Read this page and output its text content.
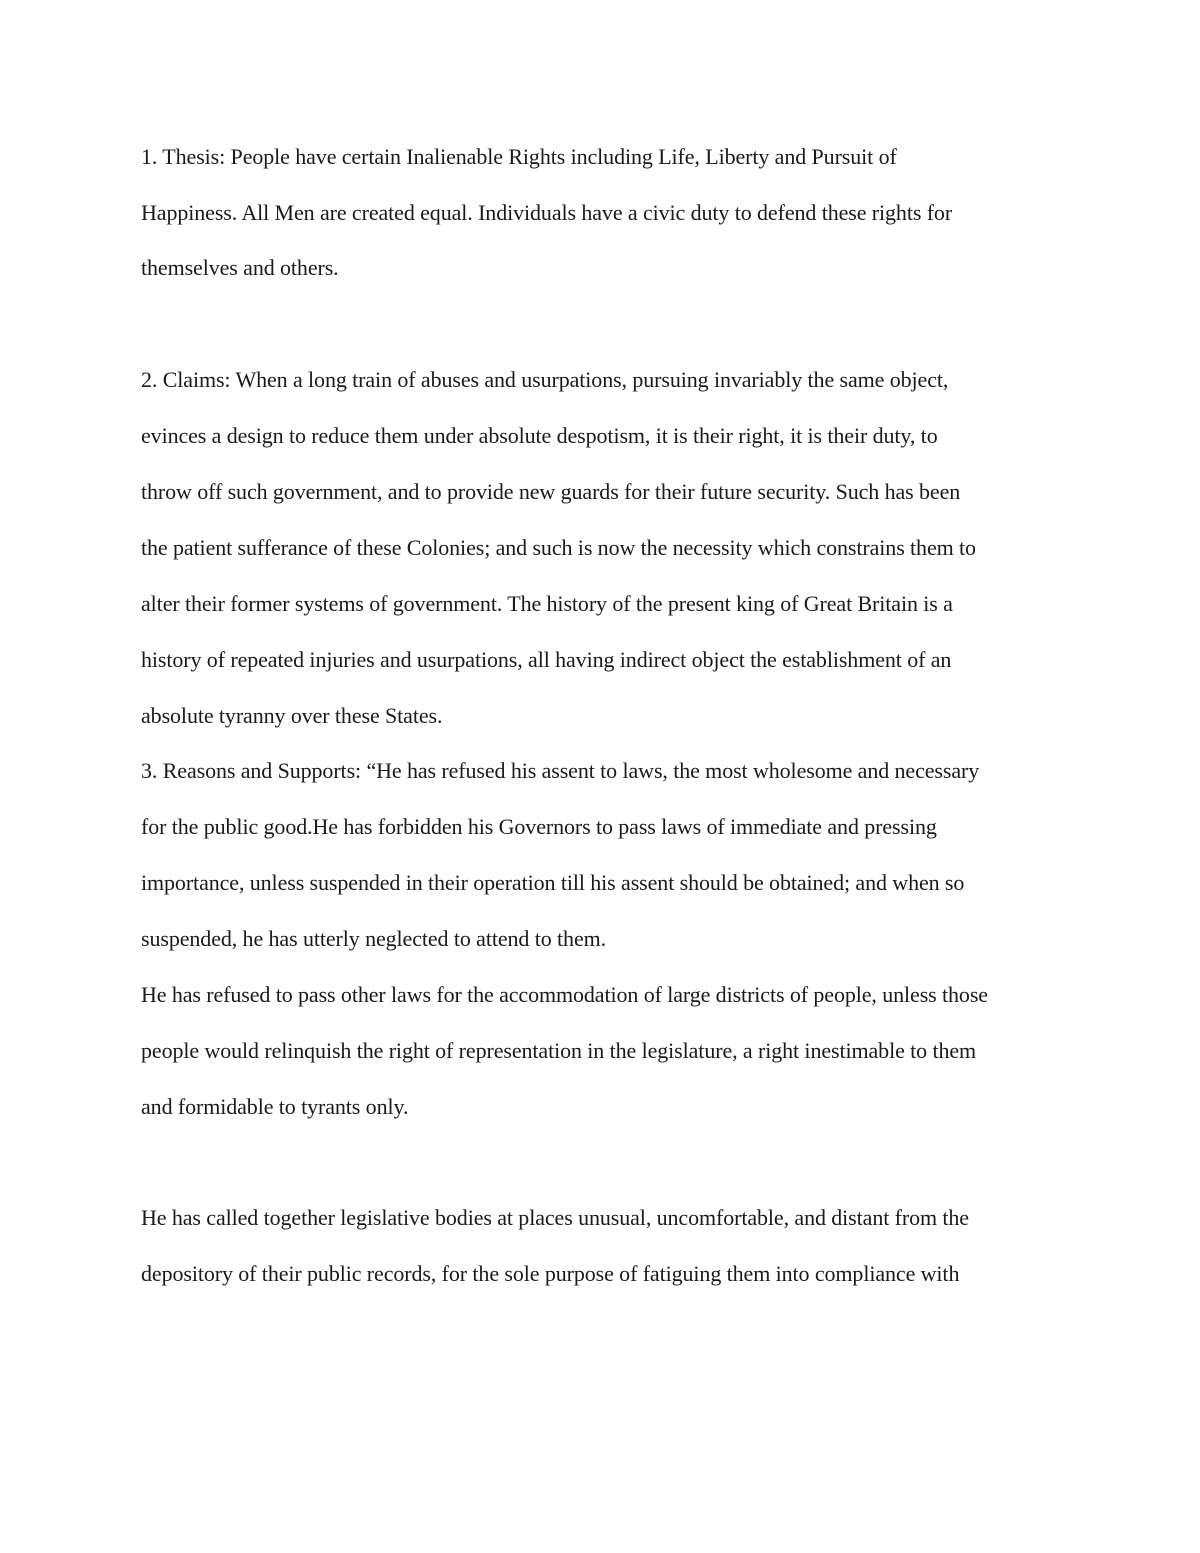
1. Thesis: People have certain Inalienable Rights including Life, Liberty and Pursuit of
Happiness. All Men are created equal. Individuals have a civic duty to defend these rights for
themselves and others.
2. Claims: When a long train of abuses and usurpations, pursuing invariably the same object,
evinces a design to reduce them under absolute despotism, it is their right, it is their duty, to
throw off such government, and to provide new guards for their future security. Such has been
the patient sufferance of these Colonies; and such is now the necessity which constrains them to
alter their former systems of government. The history of the present king of Great Britain is a
history of repeated injuries and usurpations, all having indirect object the establishment of an
absolute tyranny over these States.
3. Reasons and Supports: “He has refused his assent to laws, the most wholesome and necessary
for the public good.He has forbidden his Governors to pass laws of immediate and pressing
importance, unless suspended in their operation till his assent should be obtained; and when so
suspended, he has utterly neglected to attend to them.
He has refused to pass other laws for the accommodation of large districts of people, unless those
people would relinquish the right of representation in the legislature, a right inestimable to them
and formidable to tyrants only.
He has called together legislative bodies at places unusual, uncomfortable, and distant from the
depository of their public records, for the sole purpose of fatiguing them into compliance with
